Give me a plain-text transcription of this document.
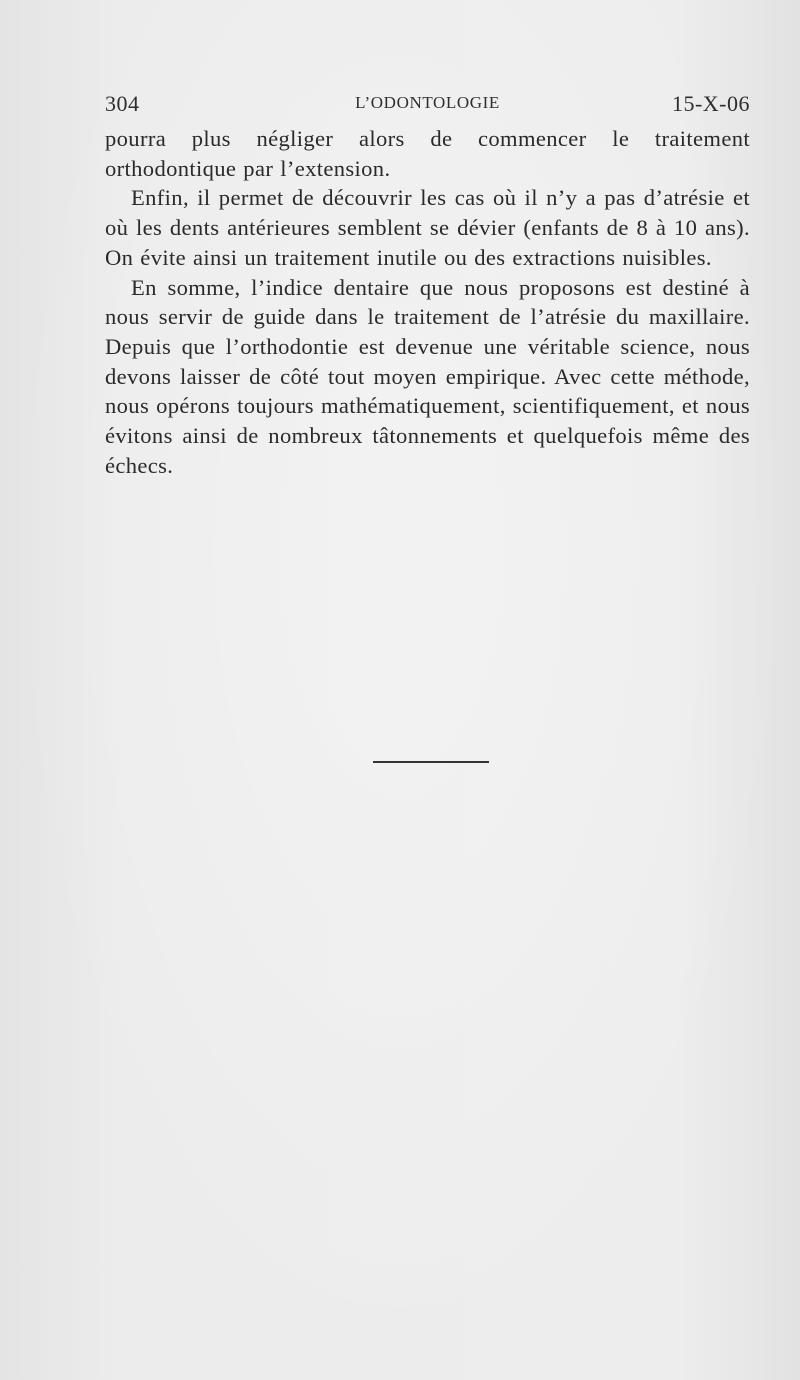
304	L’ODONTOLOGIE	15-X-06

pourra plus négliger alors de commencer le traitement orthodontique par l’extension.

Enfin, il permet de découvrir les cas où il n’y a pas d’atrésie et où les dents antérieures semblent se dévier (enfants de 8 à 10 ans). On évite ainsi un traitement inutile ou des extractions nuisibles.

En somme, l’indice dentaire que nous proposons est destiné à nous servir de guide dans le traitement de l’atrésie du maxillaire. Depuis que l’orthodontie est devenue une véritable science, nous devons laisser de côté tout moyen empirique. Avec cette méthode, nous opérons toujours mathématiquement, scientifiquement, et nous évitons ainsi de nombreux tâtonnements et quelquefois même des échecs.
